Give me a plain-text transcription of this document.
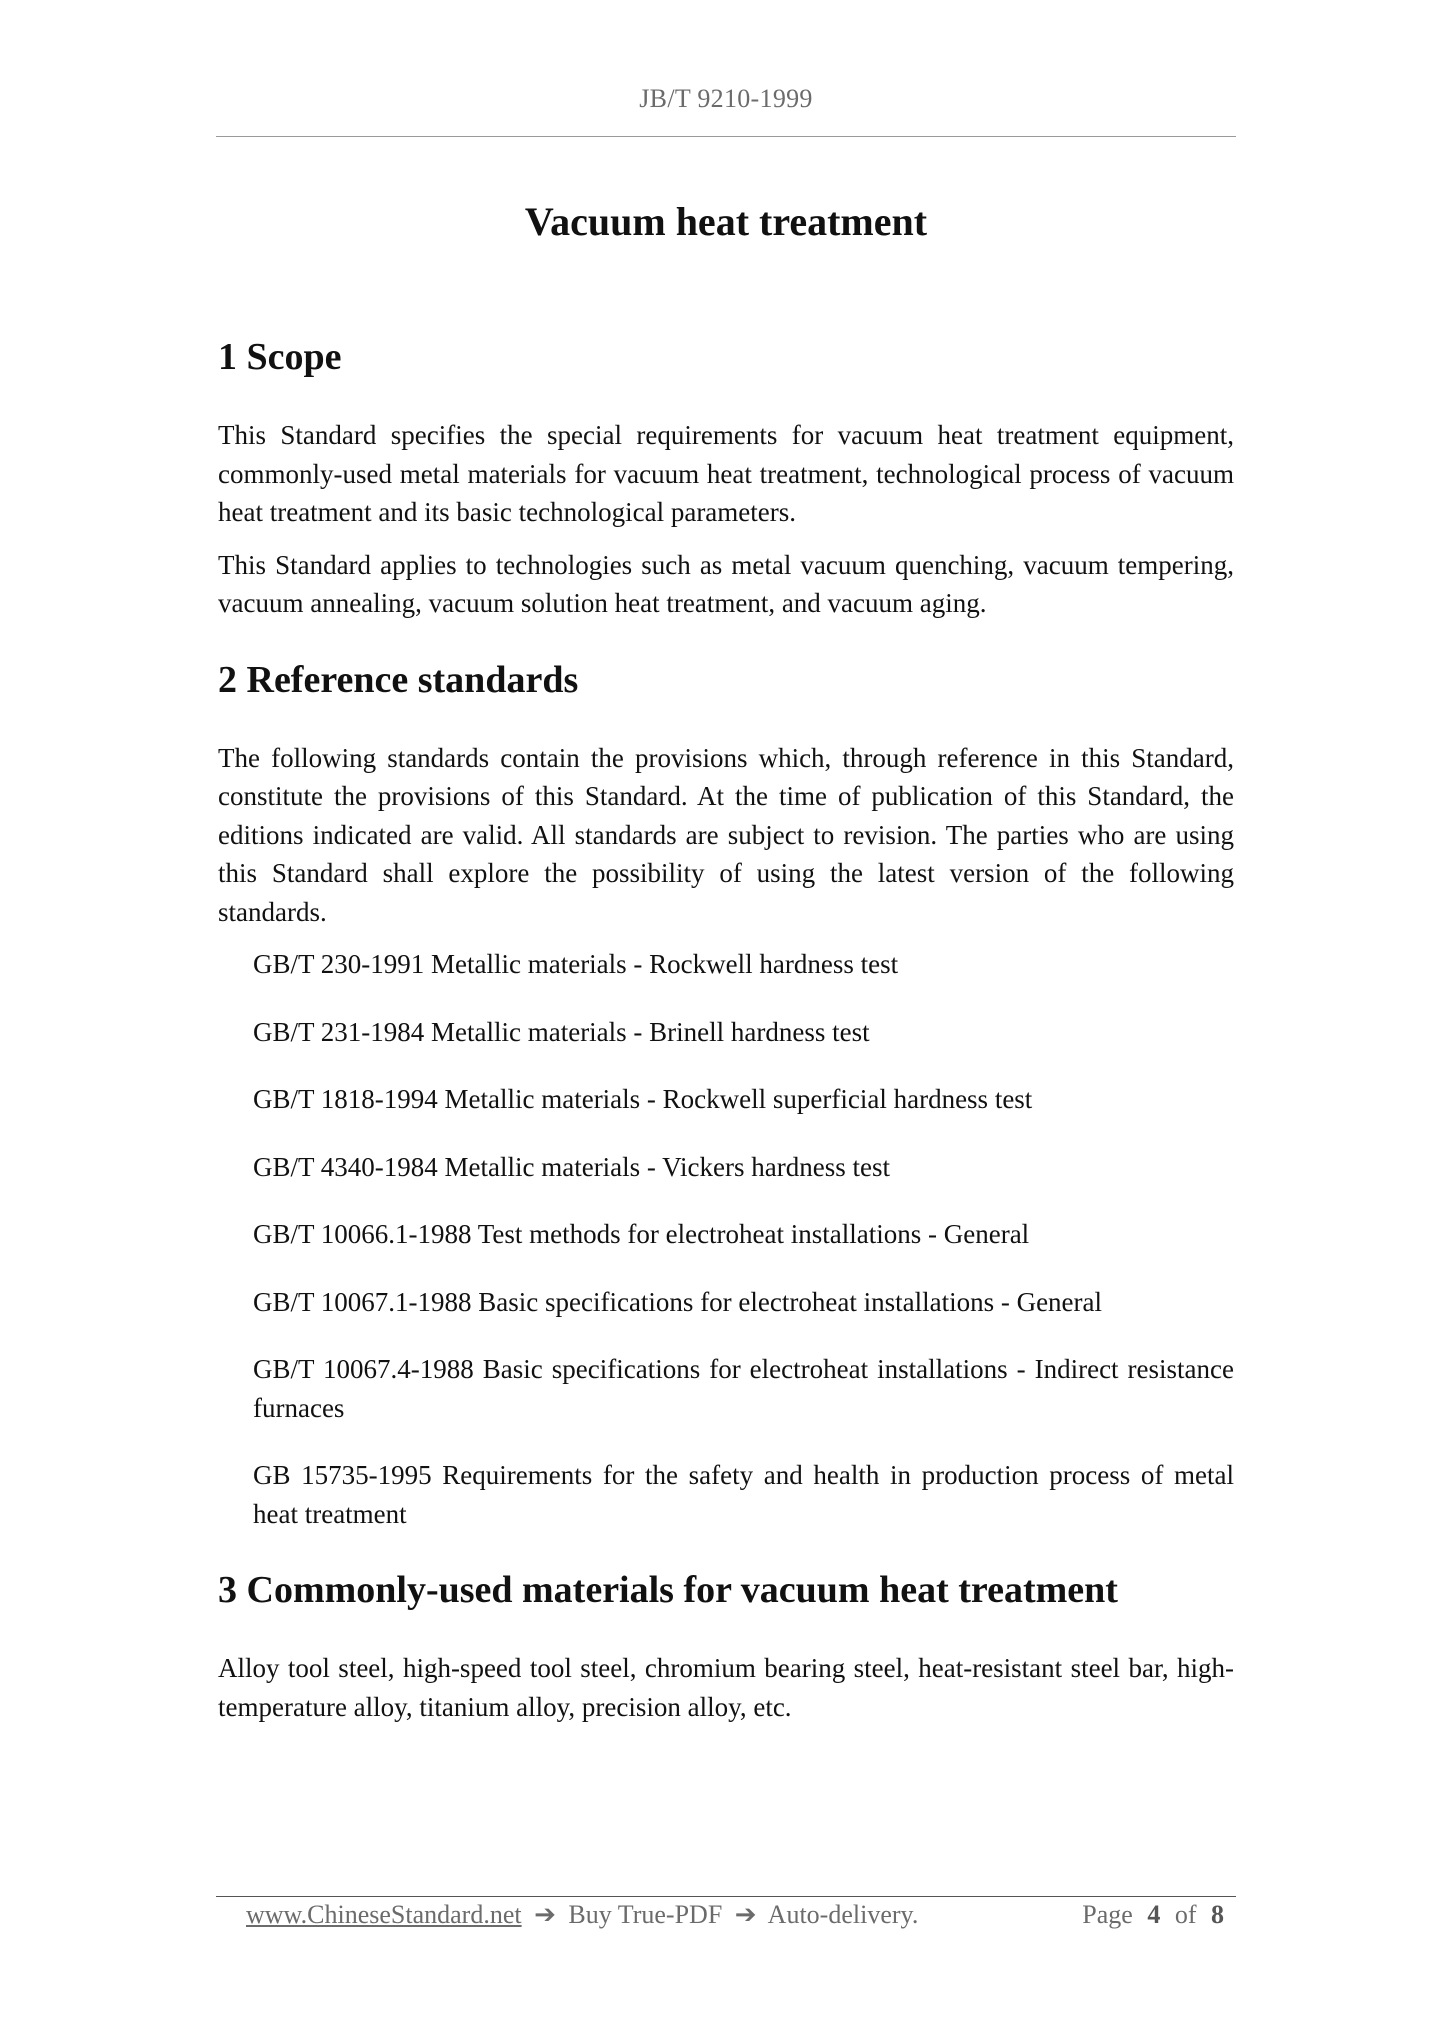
JB/T 9210-1999
Vacuum heat treatment
1 Scope

This Standard specifies the special requirements for vacuum heat treatment equipment, commonly-used metal materials for vacuum heat treatment, technological process of vacuum heat treatment and its basic technological parameters.

This Standard applies to technologies such as metal vacuum quenching, vacuum tempering, vacuum annealing, vacuum solution heat treatment, and vacuum aging.

2 Reference standards

The following standards contain the provisions which, through reference in this Standard, constitute the provisions of this Standard. At the time of publication of this Standard, the editions indicated are valid. All standards are subject to revision. The parties who are using this Standard shall explore the possibility of using the latest version of the following standards.

GB/T 230-1991 Metallic materials - Rockwell hardness test
GB/T 231-1984 Metallic materials - Brinell hardness test
GB/T 1818-1994 Metallic materials - Rockwell superficial hardness test
GB/T 4340-1984 Metallic materials - Vickers hardness test
GB/T 10066.1-1988 Test methods for electroheat installations - General
GB/T 10067.1-1988 Basic specifications for electroheat installations - General
GB/T 10067.4-1988 Basic specifications for electroheat installations - Indirect resistance furnaces
GB 15735-1995 Requirements for the safety and health in production process of metal heat treatment
3 Commonly-used materials for vacuum heat treatment

Alloy tool steel, high-speed tool steel, chromium bearing steel, heat-resistant steel bar, high-temperature alloy, titanium alloy, precision alloy, etc.

www.ChineseStandard.net ➔ Buy True-PDF ➔ Auto-delivery.	Page 4 of 8
